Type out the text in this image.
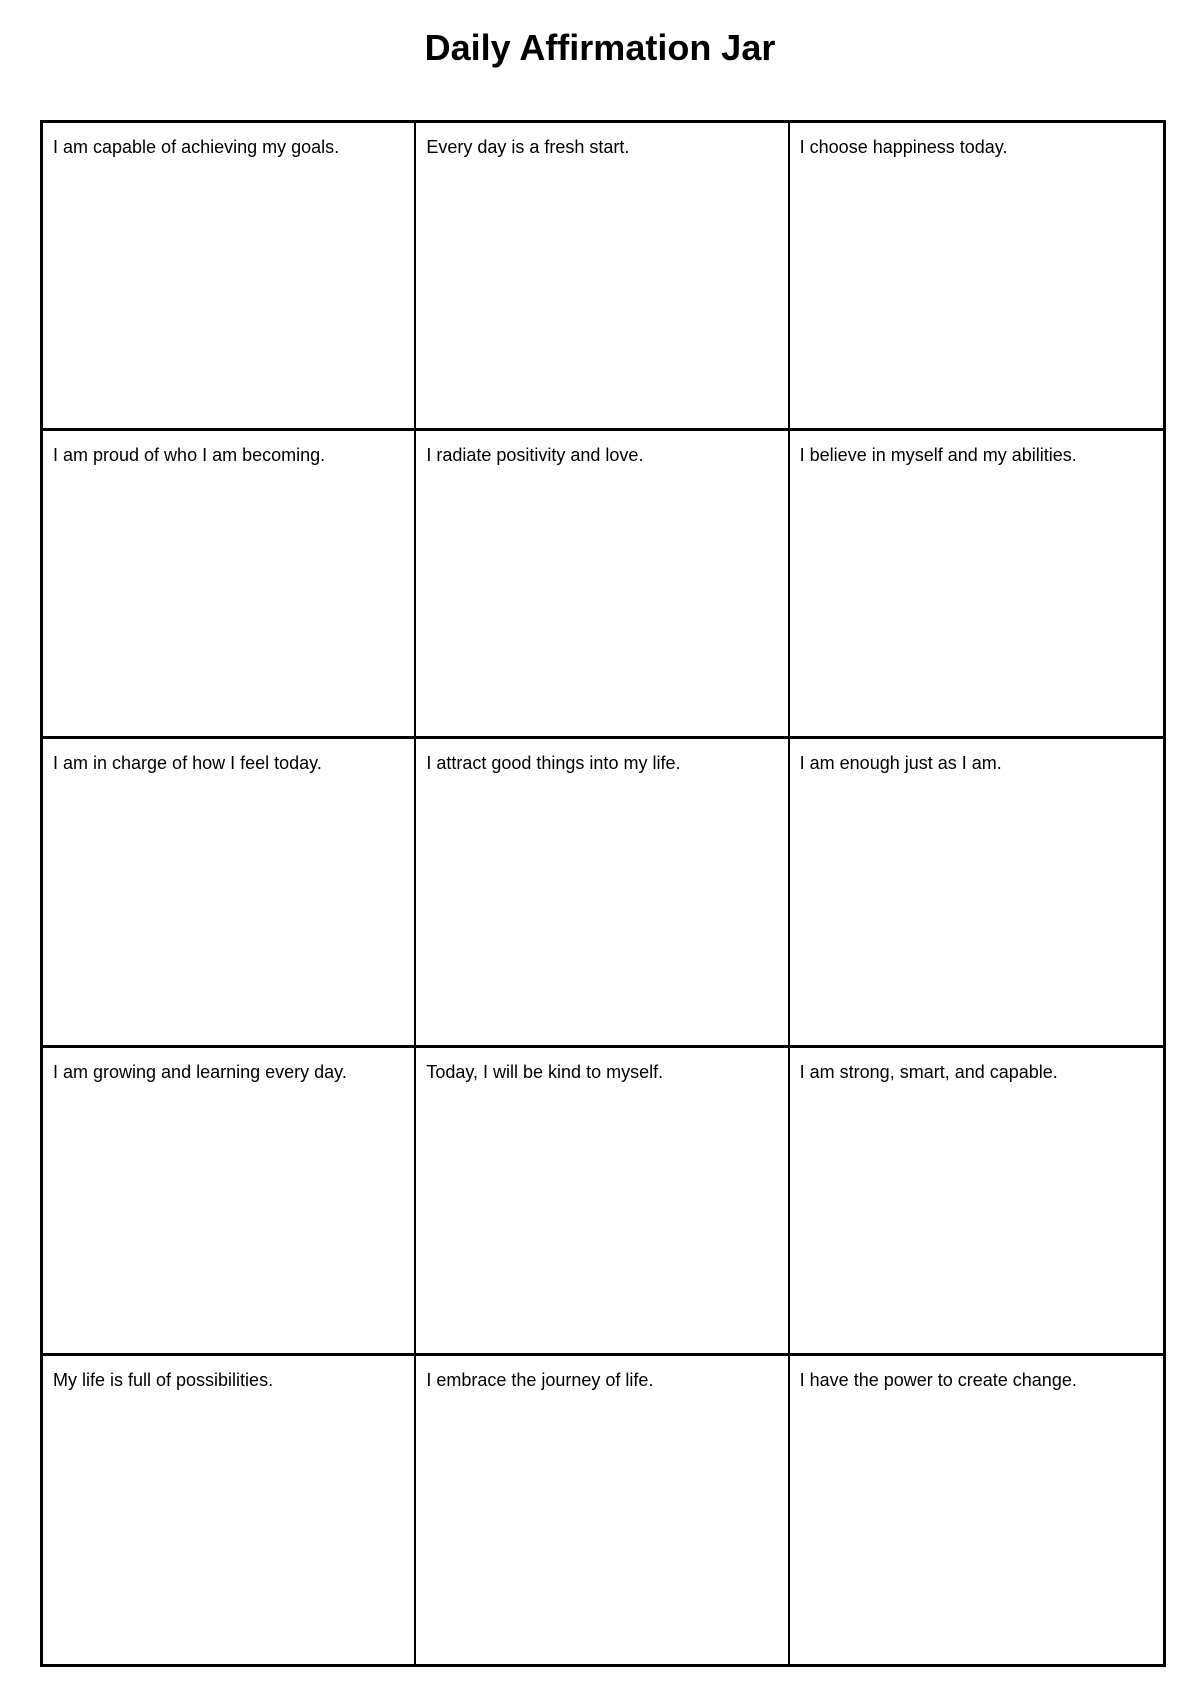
Daily Affirmation Jar
I am capable of achieving my goals.	Every day is a fresh start.	I choose happiness today.
I am proud of who I am becoming.	I radiate positivity and love.	I believe in myself and my abilities.
I am in charge of how I feel today.	I attract good things into my life.	I am enough just as I am.
I am growing and learning every day.	Today, I will be kind to myself.	I am strong, smart, and capable.
My life is full of possibilities.	I embrace the journey of life.	I have the power to create change.
